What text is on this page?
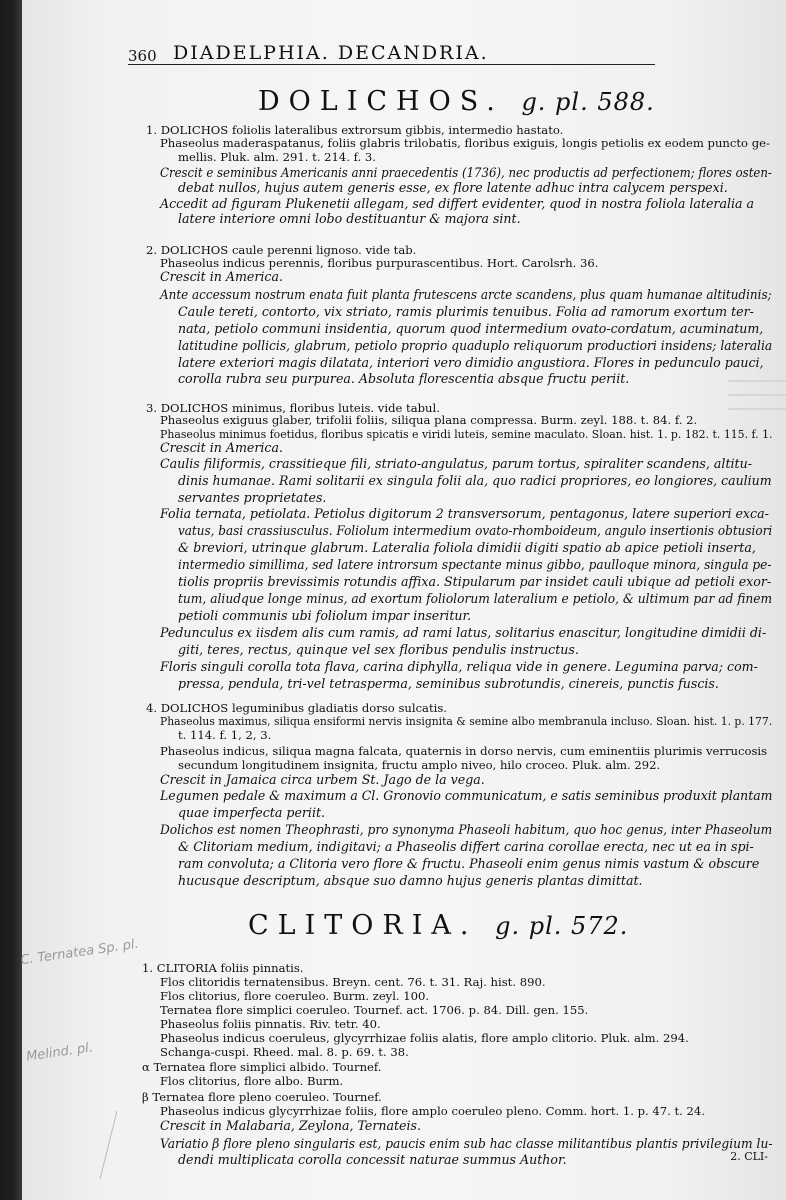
360 DIADELPHIA. DECANDRIA.
DOLICHOS. g. pl. 588.
1. DOLICHOS foliolis lateralibus extrorsum gibbis, intermedio hastato.
Phaseolus maderaspatanus, foliis glabris trilobatis, floribus exiguis, longis petiolis ex eodem puncto ge-
mellis. Pluk. alm. 291. t. 214. f. 3.
Crescit e seminibus Americanis anni praecedentis (1736), nec productis ad perfectionem; flores osten-
debat nullos, hujus autem generis esse, ex flore latente adhuc intra calycem perspexi.
Accedit ad figuram Plukenetii allegam, sed differt evidenter, quod in nostra foliola lateralia a
latere interiore omni lobo destituantur & majora sint.
2. DOLICHOS caule perenni lignoso. vide tab.
Phaseolus indicus perennis, floribus purpurascentibus. Hort. Carolsrh. 36.
Crescit in America.
Ante accessum nostrum enata fuit planta frutescens arcte scandens, plus quam humanae altitudinis;
Caule tereti, contorto, vix striato, ramis plurimis tenuibus. Folia ad ramorum exortum ter-
nata, petiolo communi insidentia, quorum quod intermedium ovato-cordatum, acuminatum,
latitudine pollicis, glabrum, petiolo proprio quaduplo reliquorum productiori insidens; lateralia
latere exteriori magis dilatata, interiori vero dimidio angustiora. Flores in pedunculo pauci,
corolla rubra seu purpurea. Absoluta florescentia absque fructu periit.
3. DOLICHOS minimus, floribus luteis. vide tabul.
Phaseolus exiguus glaber, trifolii foliis, siliqua plana compressa. Burm. zeyl. 188. t. 84. f. 2.
Phaseolus minimus foetidus, floribus spicatis e viridi luteis, semine maculato. Sloan. hist. 1. p. 182. t. 115. f. 1.
Crescit in America.
Caulis filiformis, crassitieque fili, striato-angulatus, parum tortus, spiraliter scandens, altitu-
dinis humanae. Rami solitarii ex singula folii ala, quo radici propriores, eo longiores, caulium
servantes proprietates.
Folia ternata, petiolata. Petiolus digitorum 2 transversorum, pentagonus, latere superiori exca-
vatus, basi crassiusculus. Foliolum intermedium ovato-rhomboideum, angulo insertionis obtusiori
& breviori, utrinque glabrum. Lateralia foliola dimidii digiti spatio ab apice petioli inserta,
intermedio simillima, sed latere introrsum spectante minus gibbo, paulloque minora, singula pe-
tiolis propriis brevissimis rotundis affixa. Stipularum par insidet cauli ubique ad petioli exor-
tum, aliudque longe minus, ad exortum foliolorum lateralium e petiolo, & ultimum par ad finem
petioli communis ubi foliolum impar inseritur.
Pedunculus ex iisdem alis cum ramis, ad rami latus, solitarius enascitur, longitudine dimidii di-
giti, teres, rectus, quinque vel sex floribus pendulis instructus.
Floris singuli corolla tota flava, carina diphylla, reliqua vide in genere. Legumina parva; com-
pressa, pendula, tri-vel tetrasperma, seminibus subrotundis, cinereis, punctis fuscis.
4. DOLICHOS leguminibus gladiatis dorso sulcatis.
Phaseolus maximus, siliqua ensiformi nervis insignita & semine albo membranula incluso. Sloan. hist. 1. p. 177.
t. 114. f. 1, 2, 3.
Phaseolus indicus, siliqua magna falcata, quaternis in dorso nervis, cum eminentiis plurimis verrucosis
secundum longitudinem insignita, fructu amplo niveo, hilo croceo. Pluk. alm. 292.
Crescit in Jamaica circa urbem St. Jago de la vega.
Legumen pedale & maximum a Cl. Gronovio communicatum, e satis seminibus produxit plantam
quae imperfecta periit.
Dolichos est nomen Theophrasti, pro synonyma Phaseoli habitum, quo hoc genus, inter Phaseolum
& Clitoriam medium, indigitavi; a Phaseolis differt carina corollae erecta, nec ut ea in spi-
ram convoluta; a Clitoria vero flore & fructu. Phaseoli enim genus nimis vastum & obscure
hucusque descriptum, absque suo damno hujus generis plantas dimittat.
CLITORIA. g. pl. 572.
1. CLITORIA foliis pinnatis.
Flos clitoridis ternatensibus. Breyn. cent. 76. t. 31. Raj. hist. 890.
Flos clitorius, flore coeruleo. Burm. zeyl. 100.
Ternatea flore simplici coeruleo. Tournef. act. 1706. p. 84. Dill. gen. 155.
Phaseolus foliis pinnatis. Riv. tetr. 40.
Phaseolus indicus coeruleus, glycyrrhizae foliis alatis, flore amplo clitorio. Pluk. alm. 294.
Schanga-cuspi. Rheed. mal. 8. p. 69. t. 38.
α Ternatea flore simplici albido. Tournef.
Flos clitorius, flore albo. Burm.
β Ternatea flore pleno coeruleo. Tournef.
Phaseolus indicus glycyrrhizae foliis, flore amplo coeruleo pleno. Comm. hort. 1. p. 47. t. 24.
Crescit in Malabaria, Zeylona, Ternateis.
Variatio β flore pleno singularis est, paucis enim sub hac classe militantibus plantis privilegium lu-
dendi multiplicata corolla concessit naturae summus Author.
C. Ternatea Sp. pl.
Melind. pl.
2. CLI-
